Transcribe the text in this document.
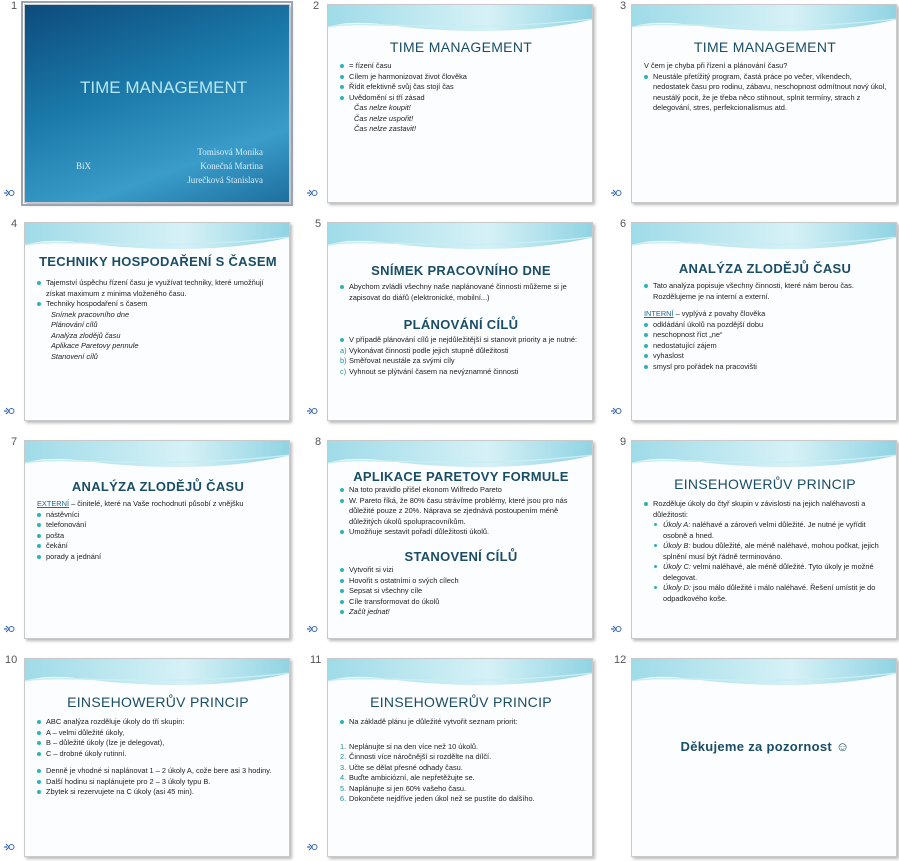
1
TIME MANAGEMENT
Tomisová Monika
Konečná Martina
Jurečková Stanislava
BiX
2
TIME MANAGEMENT
= řízení času
Cílem je harmonizovat život člověka
Řídit efektivně svůj čas stojí čas
Uvědomění si tří zásad
Čas nelze koupit!
Čas nelze uspořit!
Čas nelze zastavit!
3
TIME MANAGEMENT
V čem je chyba při řízení a plánování času?
Neustále přetížitý program, častá práce po večer, víkendech, nedostatek času pro rodinu, zábavu, neschopnost odmítnout nový úkol, neustálý pocit, že je třeba něco stihnout, splnit termíny, strach z delegování, stres, perfekcionalismus atd.
4
TECHNIKY HOSPODAŘENÍ S ČASEM
Tajemství úspěchu řízení času je využívat techniky, které umožňují získat maximum z minima vloženého času.
Techniky hospodaření s časem
Snímek pracovního dne
Plánování cílů
Analýza zlodějů času
Aplikace Paretovy pennule
Stanovení cílů
5
SNÍMEK PRACOVNÍHO DNE
Abychom zvládli všechny naše naplánované činnosti můžeme si je zapisovat do diářů (elektronické, mobilní...)
PLÁNOVÁNÍ CÍLŮ
V případě plánování cílů je nejdůležitější si stanovit priority a je nutné:
a) Vykonávat činnosti podle jejich stupně důležitosti
b) Směřovat neustále za svými cíly
c) Vyhnout se plýtvání časem na nevýznamné činnosti
6
ANALÝZA ZLODĚJŮ ČASU
Tato analýza popisuje všechny činnosti, které nám berou čas. Rozdělujeme je na interní a externí.
INTERNÍ – vyplývá z povahy člověka
odkládání úkolů na pozdější dobu
neschopnost říct „ne“
nedostatující zájem
vyhaslost
smysl pro pořádek na pracovišti
7
ANALÝZA ZLODĚJŮ ČASU
EXTERNÍ – činitelé, které na Vaše rochodnutí působí z vnějšku
nástěvníci
telefonování
pošta
čekání
porady a jednání
8
APLIKACE PARETOVY FORMULE
Na toto pravidlo přišel ekonom Wilfredo Pareto
W. Pareto říká, že 80% času strávíme problémy, které jsou pro nás důležité pouze z 20%. Náprava se zjednává postoupením méně důležitých úkolů spolupracovníkům.
Umožňuje sestavit pořadí důležitosti úkolů.
STANOVENÍ CÍLŮ
Vytvořit si vizi
Hovořit s ostatními o svých cílech
Sepsat si všechny cíle
Cíle transformovat do úkolů
Začít jednat!
9
EINSEHOWERŮV PRINCIP
Rozděluje úkoly do čtyř skupin v závislosti na jejich naléhavosti a důležitosti:
Úkoly A: naléhavé a zároveň velmi důležité. Je nutné je vyřídit osobně a hned.
Úkoly B: budou důležité, ale méně naléhavé, mohou počkat, jejich splnění musí být řádně terminováno.
Úkoly C: velmi naléhavé, ale méně důležité. Tyto úkoly je možné delegovat.
Úkoly D: jsou málo důležité i málo naléhavé. Řešení umístit je do odpadkového koše.
10
EINSEHOWERŮV PRINCIP
ABC analýza rozděluje úkoly do tří skupin:
A – velmi důležité úkoly,
B – důležité úkoly (lze je delegovat),
C – drobné úkoly rutinní.
Denně je vhodné si naplánovat 1 – 2 úkoly A, cože bere asi 3 hodiny.
Další hodinu si naplánujete pro 2 – 3 úkoly typu B.
Zbytek si rezervujete na C úkoly (asi 45 min).
11
EINSEHOWERŮV PRINCIP
Na základě plánu je důležité vytvořit seznam priorit:
1. Neplánujte si na den více než 10 úkolů.
2. Činnosti více náročnější si rozdělte na dílčí.
3. Učte se dělat přesné odhady času.
4. Buďte ambiciózní, ale nepřetěžujte se.
5. Naplánujte si jen 60% vašeho času.
6. Dokončete nejdříve jeden úkol než se pustíte do dalšího.
12
Děkujeme za pozornost ☺
